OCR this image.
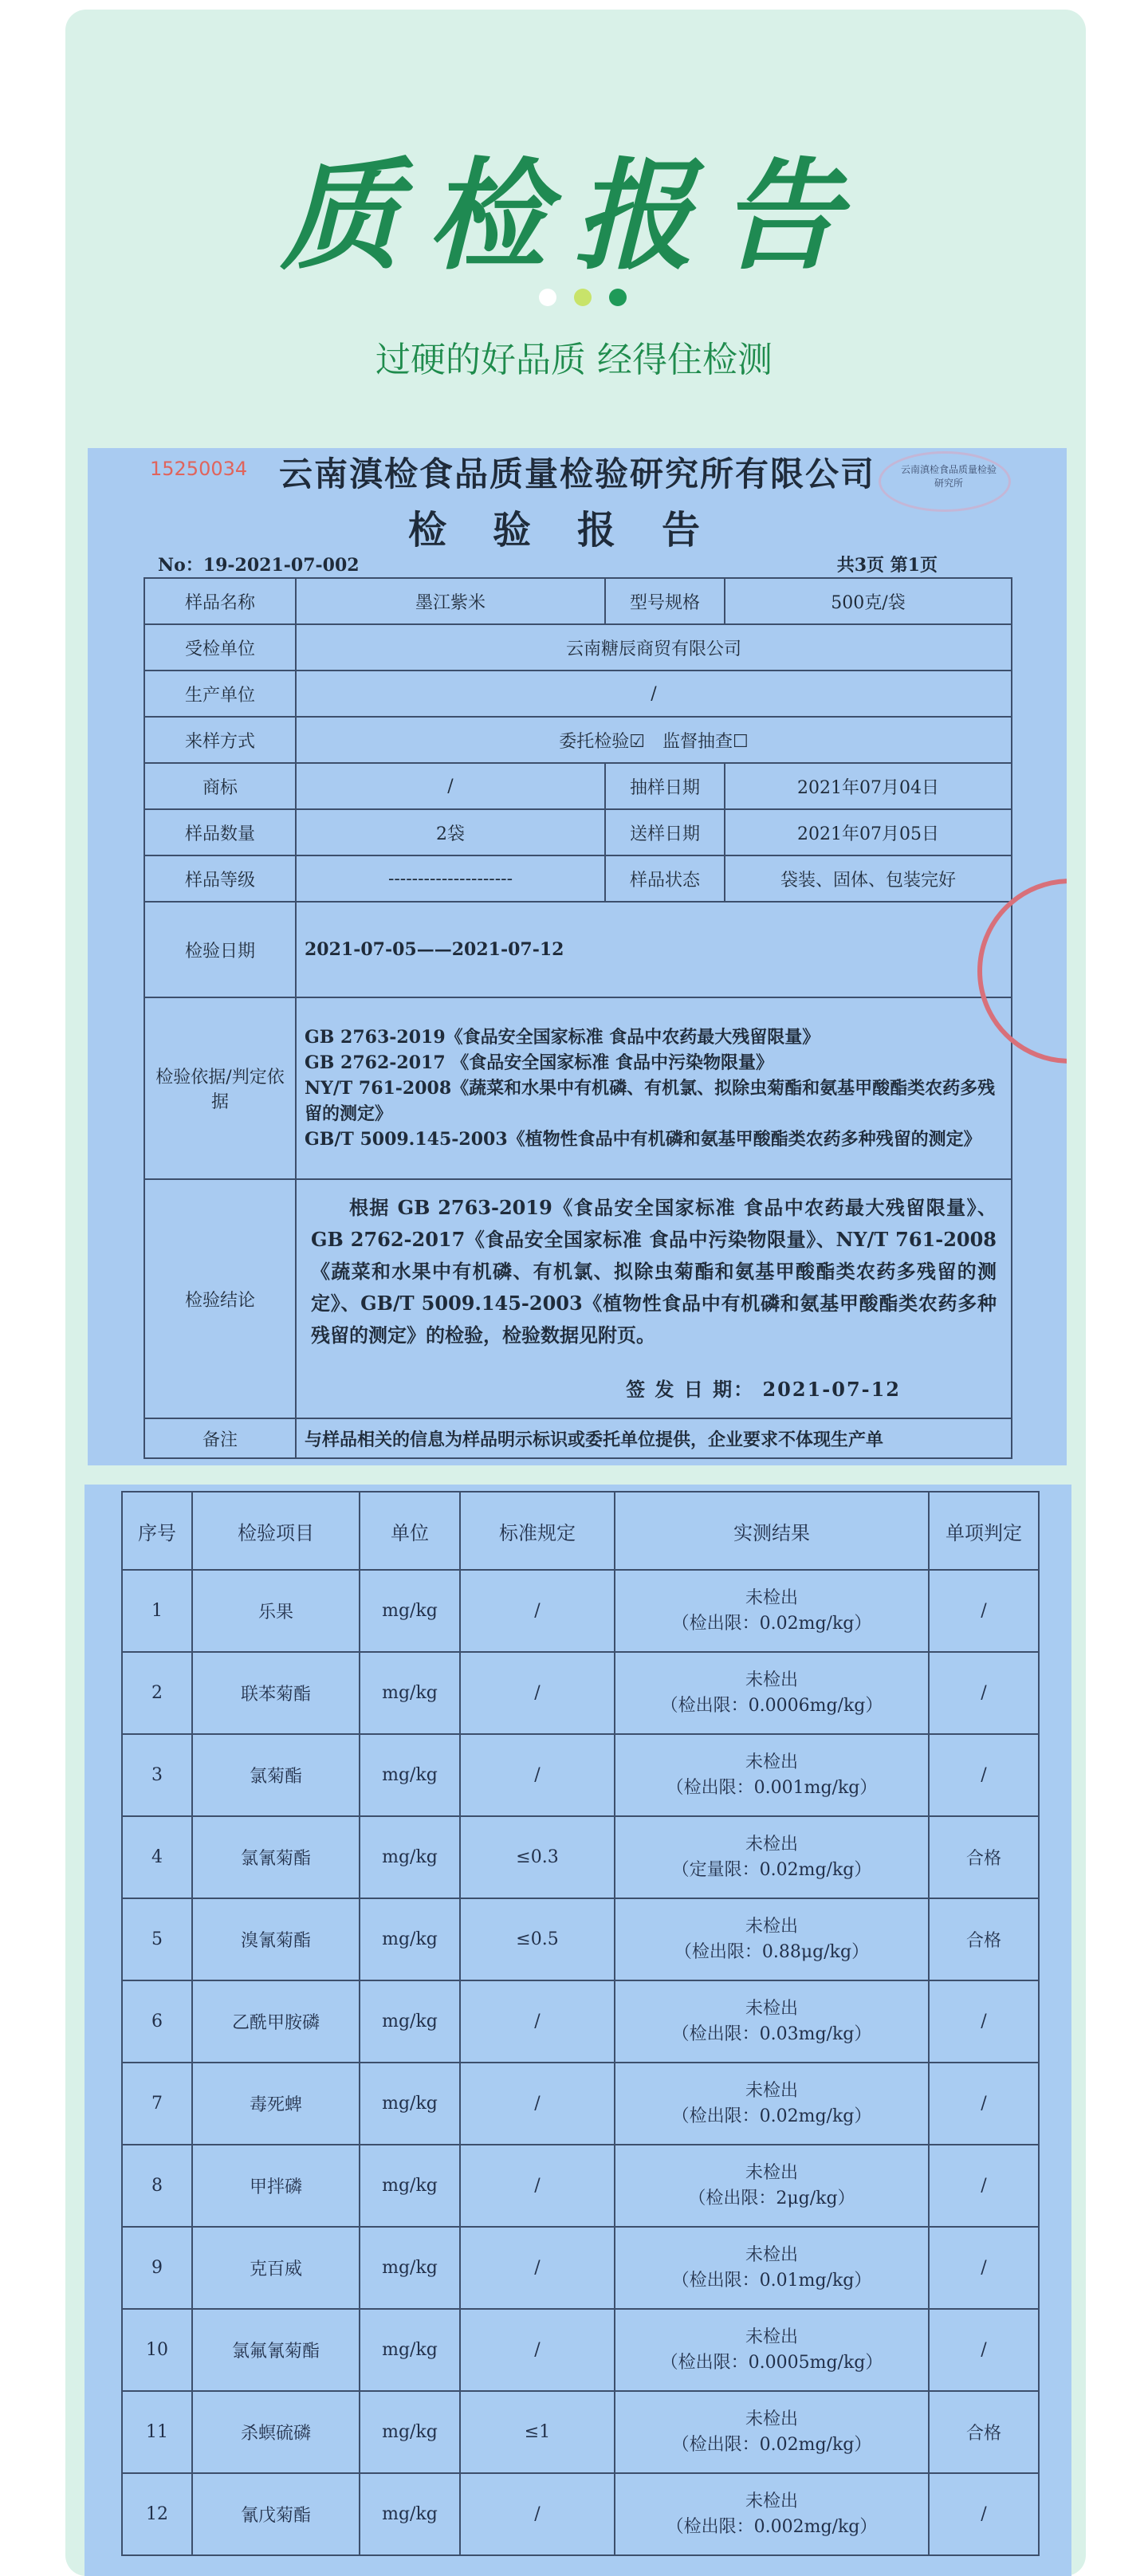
质检报告
过硬的好品质 经得住检测
15250034 云南滇检食品质量检验研究所有限公司	云南滇检食品质量检验研究所
检验报告
No：19-2021-07-002	共3页 第1页
样品名称	墨江紫米	型号规格	500克/袋
受检单位	云南糖辰商贸有限公司		
生产单位	/		
来样方式	委托检验☑　监督抽查☐		
商标	/	抽样日期	2021年07月04日
样品数量	2袋	送样日期	2021年07月05日
样品等级	---------------------	样品状态	袋装、固体、包装完好
检验日期	2021-07-05——2021-07-12		
检验依据/判定依据	GB 2763-2019《食品安全国家标准 食品中农药最大残留限量》
GB 2762-2017 《食品安全国家标准 食品中污染物限量》
NY/T 761-2008《蔬菜和水果中有机磷、有机氯、拟除虫菊酯和氨基甲酸酯类农药多残留的测定》
GB/T 5009.145-2003《植物性食品中有机磷和氨基甲酸酯类农药多种残留的测定》		

检验结论	根据 GB 2763-2019《食品安全国家标准 食品中农药最大残留限量》、GB 2762-2017《食品安全国家标准 食品中污染物限量》、NY/T 761-2008《蔬菜和水果中有机磷、有机氯、拟除虫菊酯和氨基甲酸酯类农药多残留的测定》、GB/T 5009.145-2003《植物性食品中有机磷和氨基甲酸酯类农药多种残留的测定》的检验，检验数据见附页。
签 发 日 期： 2021-07-12		

备注	与样品相关的信息为样品明示标识或委托单位提供，企业要求不体现生产单		
序号	检验项目	单位	标准规定	实测结果	单项判定
1	乐果	mg/kg	/	未检出
（检出限：0.02mg/kg）	/
2	联苯菊酯	mg/kg	/	未检出
（检出限：0.0006mg/kg）	/
3	氯菊酯	mg/kg	/	未检出
（检出限：0.001mg/kg）	/
4	氯氰菊酯	mg/kg	≤0.3	未检出
（定量限：0.02mg/kg）	合格
5	溴氰菊酯	mg/kg	≤0.5	未检出
（检出限：0.88μg/kg）	合格
6	乙酰甲胺磷	mg/kg	/	未检出
（检出限：0.03mg/kg）	/
7	毒死蜱	mg/kg	/	未检出
（检出限：0.02mg/kg）	/
8	甲拌磷	mg/kg	/	未检出
（检出限：2μg/kg）	/
9	克百威	mg/kg	/	未检出
（检出限：0.01mg/kg）	/
10	氯氟氰菊酯	mg/kg	/	未检出
（检出限：0.0005mg/kg）	/
11	杀螟硫磷	mg/kg	≤1	未检出
（检出限：0.02mg/kg）	合格
12	氰戊菊酯	mg/kg	/	未检出
（检出限：0.002mg/kg）	/
